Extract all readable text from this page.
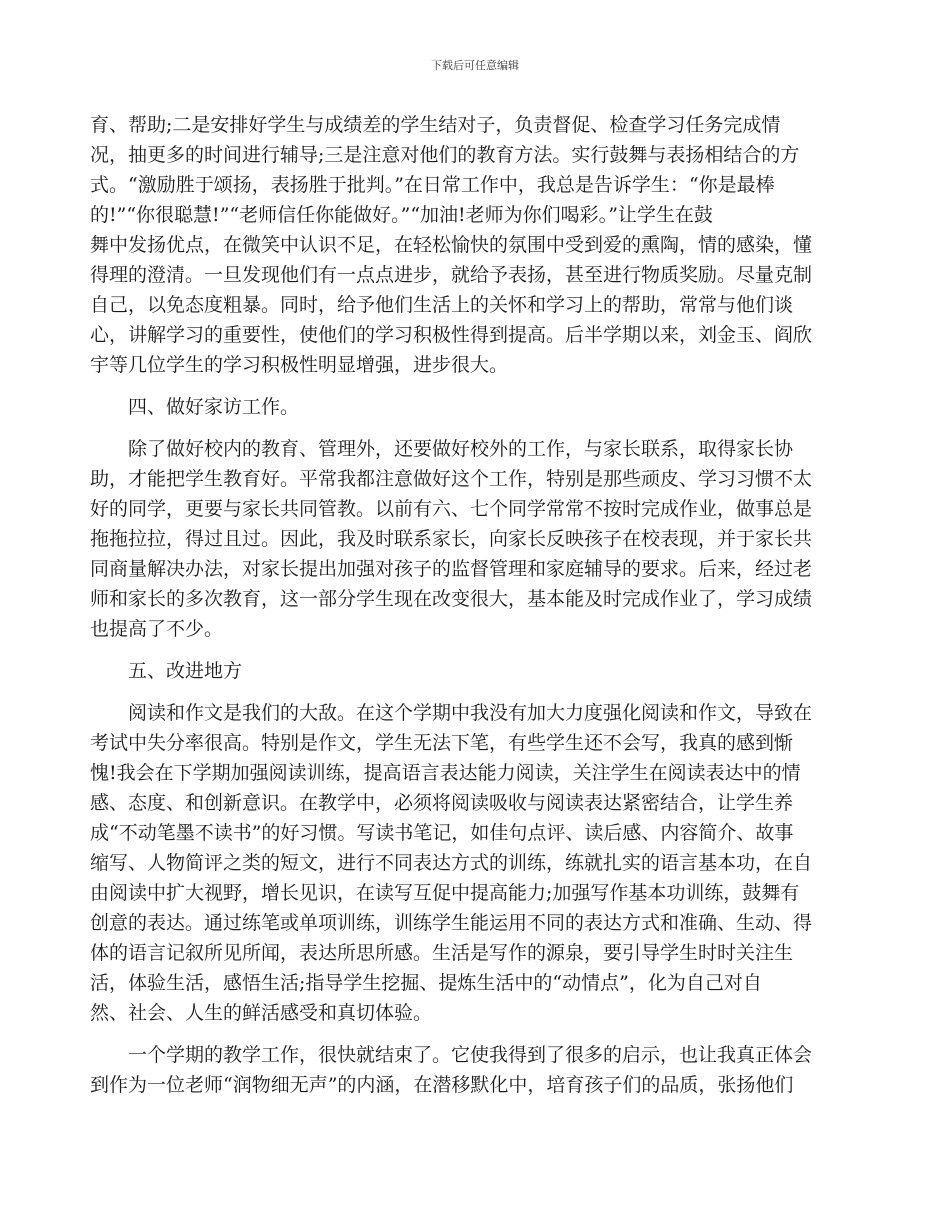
下载后可任意编辑
育、帮助;二是安排好学生与成绩差的学生结对子，负责督促、检查学习任务完成情
况，抽更多的时间进行辅导;三是注意对他们的教育方法。实行鼓舞与表扬相结合的方
式。“激励胜于颂扬，表扬胜于批判。”在日常工作中，我总是告诉学生：“你是最棒
的!”“你很聪慧!”“老师信任你能做好。”“加油!老师为你们喝彩。”让学生在鼓
舞中发扬优点，在微笑中认识不足，在轻松愉快的氛围中受到爱的熏陶，情的感染，懂
得理的澄清。一旦发现他们有一点点进步，就给予表扬，甚至进行物质奖励。尽量克制
自己，以免态度粗暴。同时，给予他们生活上的关怀和学习上的帮助，常常与他们谈
心，讲解学习的重要性，使他们的学习积极性得到提高。后半学期以来，刘金玉、阎欣
宇等几位学生的学习积极性明显增强，进步很大。
四、做好家访工作。
除了做好校内的教育、管理外，还要做好校外的工作，与家长联系，取得家长协
助，才能把学生教育好。平常我都注意做好这个工作，特别是那些顽皮、学习习惯不太
好的同学，更要与家长共同管教。以前有六、七个同学常常不按时完成作业，做事总是
拖拖拉拉，得过且过。因此，我及时联系家长，向家长反映孩子在校表现，并于家长共
同商量解决办法，对家长提出加强对孩子的监督管理和家庭辅导的要求。后来，经过老
师和家长的多次教育，这一部分学生现在改变很大，基本能及时完成作业了，学习成绩
也提高了不少。
五、改进地方
阅读和作文是我们的大敌。在这个学期中我没有加大力度强化阅读和作文，导致在
考试中失分率很高。特别是作文，学生无法下笔，有些学生还不会写，我真的感到惭
愧!我会在下学期加强阅读训练，提高语言表达能力阅读，关注学生在阅读表达中的情
感、态度、和创新意识。在教学中，必须将阅读吸收与阅读表达紧密结合，让学生养
成“不动笔墨不读书”的好习惯。写读书笔记，如佳句点评、读后感、内容简介、故事
缩写、人物简评之类的短文，进行不同表达方式的训练，练就扎实的语言基本功，在自
由阅读中扩大视野，增长见识，在读写互促中提高能力;加强写作基本功训练，鼓舞有
创意的表达。通过练笔或单项训练，训练学生能运用不同的表达方式和准确、生动、得
体的语言记叙所见所闻，表达所思所感。生活是写作的源泉，要引导学生时时关注生
活，体验生活，感悟生活;指导学生挖掘、提炼生活中的“动情点”，化为自己对自
然、社会、人生的鲜活感受和真切体验。
一个学期的教学工作，很快就结束了。它使我得到了很多的启示，也让我真正体会
到作为一位老师“润物细无声”的内涵，在潜移默化中，培育孩子们的品质，张扬他们
